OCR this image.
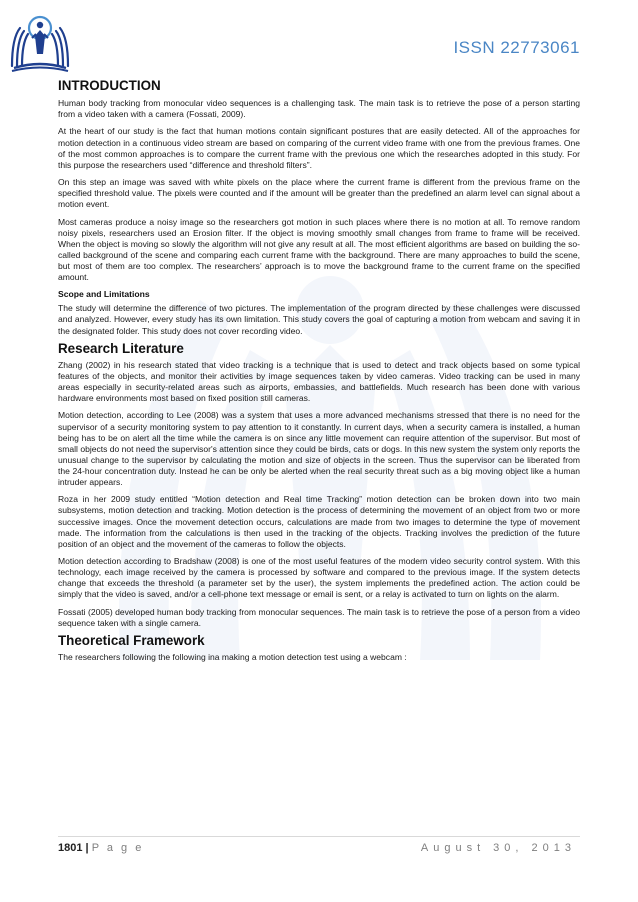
ISSN 22773061
INTRODUCTION

Human body tracking from monocular video sequences is a challenging task. The main task is to retrieve the pose of a person starting from a video taken with a camera (Fossati, 2009).

At the heart of our study is the fact that human motions contain significant postures that are easily detected. All of the approaches for motion detection in a continuous video stream are based on comparing of the current video frame with one from the previous frames. One of the most common approaches is to compare the current frame with the previous one which the researches adopted in this study. For this purpose the researchers used “difference and threshold filters”.

On this step an image was saved with white pixels on the place where the current frame is different from the previous frame on the specified threshold value. The pixels were counted and if the amount will be greater than the predefined an alarm level can signal about a motion event.

Most cameras produce a noisy image so the researchers got motion in such places where there is no motion at all. To remove random noisy pixels, researchers used an Erosion filter. If the object is moving smoothly small changes from frame to frame will be received. When the object is moving so slowly the algorithm will not give any result at all. The most efficient algorithms are based on building the so-called background of the scene and comparing each current frame with the background. There are many approaches to build the scene, but most of them are too complex. The researchers’ approach is to move the background frame to the current frame on the specified amount.

Scope and Limitations

The study will determine the difference of two pictures. The implementation of the program directed by these challenges were discussed and analyzed. However, every study has its own limitation. This study covers the goal of capturing a motion from webcam and saving it in the designated folder. This study does not cover recording video.

Research Literature

Zhang (2002) in his research stated that video tracking is a technique that is used to detect and track objects based on some typical features of the objects, and monitor their activities by image sequences taken by video cameras. Video tracking can be used in many areas especially in security-related areas such as airports, embassies, and battlefields. Much research has been done with various hardware environments most based on fixed position still cameras.

Motion detection, according to Lee (2008) was a system that uses a more advanced mechanisms stressed that there is no need for the supervisor of a security monitoring system to pay attention to it constantly. In current days, when a security camera is installed, a human being has to be on alert all the time while the camera is on since any little movement can require attention of the supervisor. But most of small objects do not need the supervisor's attention since they could be birds, cats or dogs. In this new system the system only reports the unusual change to the supervisor by calculating the motion and size of objects in the screen. Thus the supervisor can be liberated from the 24-hour concentration duty. Instead he can be only be alerted when the real security threat such as a big moving object like a human intruder appears.

Roza in her 2009 study entitled “Motion detection and Real time Tracking” motion detection can be broken down into two main subsystems, motion detection and tracking. Motion detection is the process of determining the movement of an object from two or more successive images. Once the movement detection occurs, calculations are made from two images to determine the type of movement made. The information from the calculations is then used in the tracking of the objects. Tracking involves the prediction of the future position of an object and the movement of the cameras to follow the objects.

Motion detection according to Bradshaw (2008) is one of the most useful features of the modern video security control system. With this technology, each image received by the camera is processed by software and compared to the previous image. If the system detects change that exceeds the threshold (a parameter set by the user), the system implements the predefined action. The action could be simply that the video is saved, and/or a cell-phone text message or email is sent, or a relay is activated to turn on lights on the alarm.

Fossati (2005) developed human body tracking from monocular sequences. The main task is to retrieve the pose of a person from a video sequence taken with a single camera.

Theoretical Framework

The researchers following the following ina making a motion detection test using a webcam :

1801 | P a g e	August 30, 2013
